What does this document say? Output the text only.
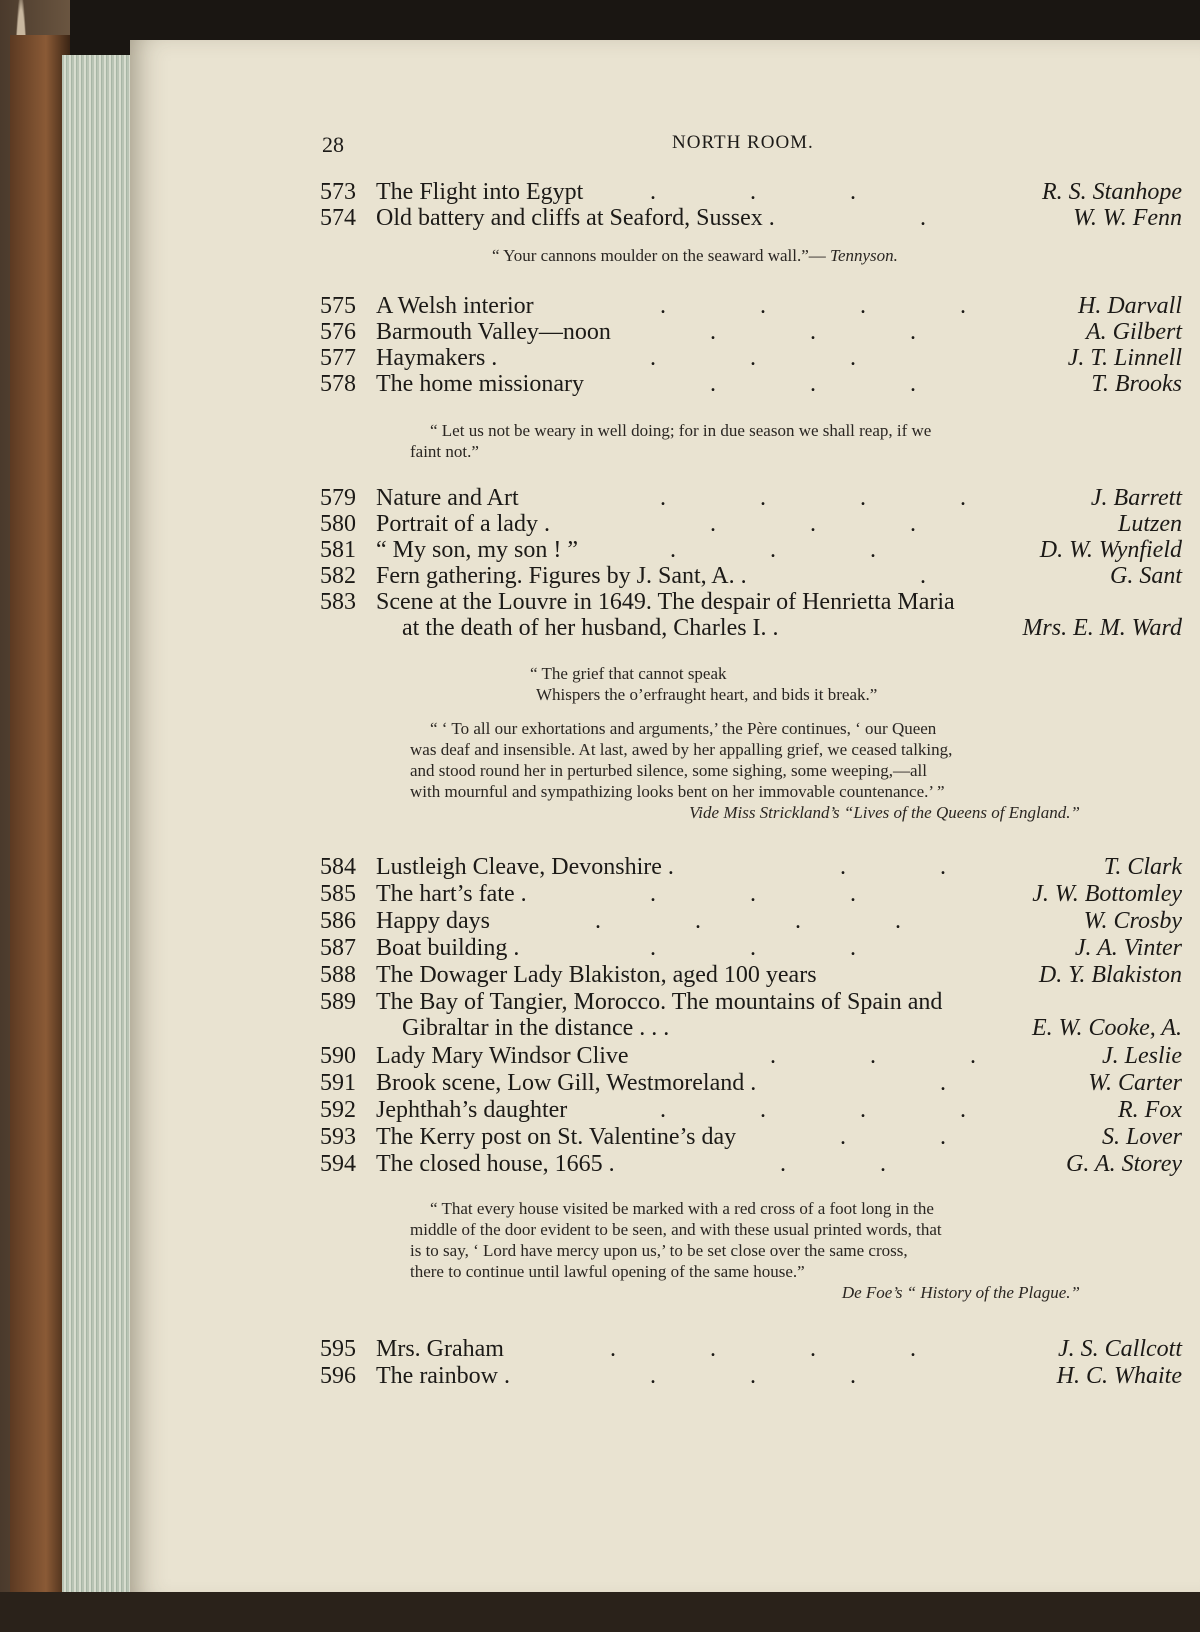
28	NORTH ROOM.
573 The Flight into Egypt	. . .	R. S. Stanhope
574 Old battery and cliffs at Seaford, Sussex .	.	W. W. Fenn
“ Your cannons moulder on the seaward wall.”— Tennyson.
575 A Welsh interior	. . . .	H. Darvall
576 Barmouth Valley—noon	. . .	A. Gilbert
577 Haymakers .	. . .	J. T. Linnell
578 The home missionary	. . .	T. Brooks
“ Let us not be weary in well doing; for in due season we shall reap, if we
faint not.”
579 Nature and Art	. . . .	J. Barrett
580 Portrait of a lady .	. . .	Lutzen
581 “ My son, my son ! ”	. . .	D. W. Wynfield
582 Fern gathering. Figures by J. Sant, A. .	.	G. Sant
583 Scene at the Louvre in 1649. The despair of Henrietta Maria
at the death of her husband, Charles I. .	Mrs. E. M. Ward
“ The grief that cannot speak
Whispers the o’erfraught heart, and bids it break.”
“ ‘ To all our exhortations and arguments,’ the Père continues, ‘ our Queen
was deaf and insensible. At last, awed by her appalling grief, we ceased talking,
and stood round her in perturbed silence, some sighing, some weeping,—all
with mournful and sympathizing looks bent on her immovable countenance.’ ”
Vide Miss Strickland’s “Lives of the Queens of England.”
584 Lustleigh Cleave, Devonshire .	. .	T. Clark
585 The hart’s fate .	. . .	J. W. Bottomley
586 Happy days	. . . .	W. Crosby
587 Boat building .	. . .	J. A. Vinter
588 The Dowager Lady Blakiston, aged 100 years	D. Y. Blakiston
589 The Bay of Tangier, Morocco. The mountains of Spain and
Gibraltar in the distance . . .	E. W. Cooke, A.
590 Lady Mary Windsor Clive	. . .	J. Leslie
591 Brook scene, Low Gill, Westmoreland .	.	W. Carter
592 Jephthah’s daughter	. . . .	R. Fox
593 The Kerry post on St. Valentine’s day	. .	S. Lover
594 The closed house, 1665 .	. .	G. A. Storey
“ That every house visited be marked with a red cross of a foot long in the
middle of the door evident to be seen, and with these usual printed words, that
is to say, ‘ Lord have mercy upon us,’ to be set close over the same cross,
there to continue until lawful opening of the same house.”
De Foe’s “ History of the Plague.”
595 Mrs. Graham	. . . .	J. S. Callcott
596 The rainbow .	. . .	H. C. Whaite
